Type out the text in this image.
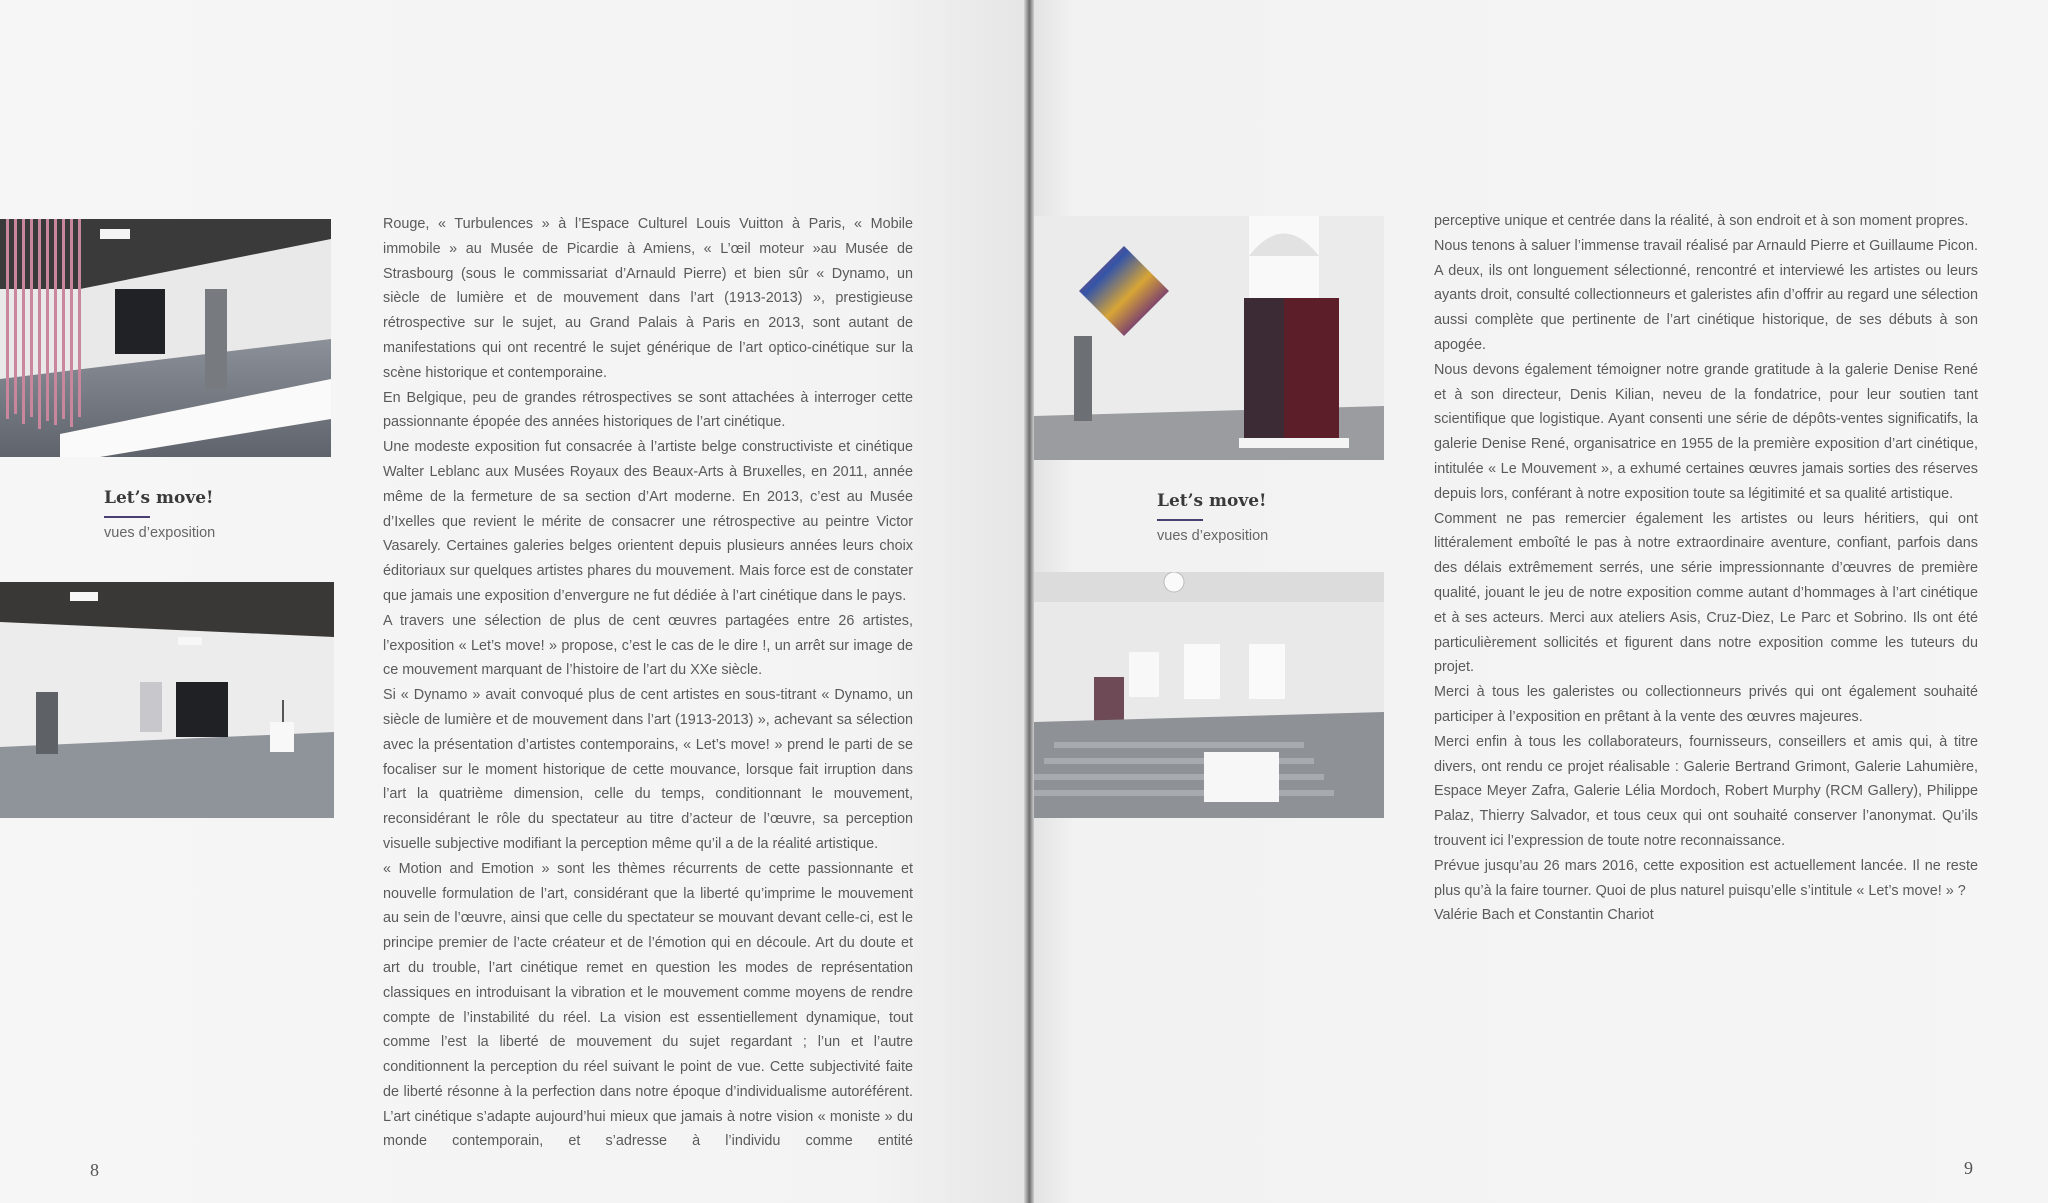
Let’s move!
vues d’exposition

Rouge, « Turbulences » à l’Espace Culturel Louis Vuitton à Paris, « Mobile immobile » au Musée de Picardie à Amiens, « L’œil moteur »au Musée de Strasbourg (sous le commissariat d’Arnauld Pierre) et bien sûr « Dynamo, un siècle de lumière et de mouvement dans l’art (1913-2013) », prestigieuse rétrospective sur le sujet, au Grand Palais à Paris en 2013, sont autant de manifestations qui ont recentré le sujet générique de l’art optico-cinétique sur la scène historique et contemporaine.

En Belgique, peu de grandes rétrospectives se sont attachées à interroger cette passionnante épopée des années historiques de l’art cinétique.

Une modeste exposition fut consacrée à l’artiste belge constructiviste et cinétique Walter Leblanc aux Musées Royaux des Beaux-Arts à Bruxelles, en 2011, année même de la fermeture de sa section d’Art moderne. En 2013, c’est au Musée d’Ixelles que revient le mérite de consacrer une rétrospective au peintre Victor Vasarely. Certaines galeries belges orientent depuis plusieurs années leurs choix éditoriaux sur quelques artistes phares du mouvement. Mais force est de constater que jamais une exposition d’envergure ne fut dédiée à l’art cinétique dans le pays.

A travers une sélection de plus de cent œuvres partagées entre 26 artistes, l’exposition « Let’s move! » propose, c’est le cas de le dire !, un arrêt sur image de ce mouvement marquant de l’histoire de l’art du XXe siècle.

Si « Dynamo » avait convoqué plus de cent artistes en sous-titrant « Dynamo, un siècle de lumière et de mouvement dans l’art (1913-2013) », achevant sa sélection avec la présentation d’artistes contemporains, « Let’s move! » prend le parti de se focaliser sur le moment historique de cette mouvance, lorsque fait irruption dans l’art la quatrième dimension, celle du temps, conditionnant le mouvement, reconsidérant le rôle du spectateur au titre d’acteur de l’œuvre, sa perception visuelle subjective modifiant la perception même qu’il a de la réalité artistique.

« Motion and Emotion » sont les thèmes récurrents de cette passionnante et nouvelle formulation de l’art, considérant que la liberté qu’imprime le mouvement au sein de l’œuvre, ainsi que celle du spectateur se mouvant devant celle-ci, est le principe premier de l’acte créateur et de l’émotion qui en découle. Art du doute et art du trouble, l’art cinétique remet en question les modes de représentation classiques en introduisant la vibration et le mouvement comme moyens de rendre compte de l’instabilité du réel. La vision est essentiellement dynamique, tout comme l’est la liberté de mouvement du sujet regardant ; l’un et l’autre conditionnent la perception du réel suivant le point de vue. Cette subjectivité faite de liberté résonne à la perfection dans notre époque d’individualisme autoréférent. L’art cinétique s’adapte aujourd’hui mieux que jamais à notre vision « moniste » du monde contemporain, et s’adresse à l’individu comme entité

8
Let’s move!
vues d’exposition

perceptive unique et centrée dans la réalité, à son endroit et à son moment propres.

Nous tenons à saluer l’immense travail réalisé par Arnauld Pierre et Guillaume Picon. A deux, ils ont longuement sélectionné, rencontré et interviewé les artistes ou leurs ayants droit, consulté collectionneurs et galeristes afin d’offrir au regard une sélection aussi complète que pertinente de l’art cinétique historique, de ses débuts à son apogée.

Nous devons également témoigner notre grande gratitude à la galerie Denise René et à son directeur, Denis Kilian, neveu de la fondatrice, pour leur soutien tant scientifique que logistique. Ayant consenti une série de dépôts-ventes significatifs, la galerie Denise René, organisatrice en 1955 de la première exposition d’art cinétique, intitulée « Le Mouvement », a exhumé certaines œuvres jamais sorties des réserves depuis lors, conférant à notre exposition toute sa légitimité et sa qualité artistique.

Comment ne pas remercier également les artistes ou leurs héritiers, qui ont littéralement emboîté le pas à notre extraordinaire aventure, confiant, parfois dans des délais extrêmement serrés, une série impressionnante d’œuvres de première qualité, jouant le jeu de notre exposition comme autant d’hommages à l’art cinétique et à ses acteurs. Merci aux ateliers Asis, Cruz-Diez, Le Parc et Sobrino. Ils ont été particulièrement sollicités et figurent dans notre exposition comme les tuteurs du projet.

Merci à tous les galeristes ou collectionneurs privés qui ont également souhaité participer à l’exposition en prêtant à la vente des œuvres majeures.

Merci enfin à tous les collaborateurs, fournisseurs, conseillers et amis qui, à titre divers, ont rendu ce projet réalisable : Galerie Bertrand Grimont, Galerie Lahumière, Espace Meyer Zafra, Galerie Lélia Mordoch, Robert Murphy (RCM Gallery), Philippe Palaz, Thierry Salvador, et tous ceux qui ont souhaité conserver l’anonymat. Qu’ils trouvent ici l’expression de toute notre reconnaissance.

Prévue jusqu’au 26 mars 2016, cette exposition est actuellement lancée. Il ne reste plus qu’à la faire tourner. Quoi de plus naturel puisqu’elle s’intitule « Let’s move! » ?

Valérie Bach et Constantin Chariot

9
